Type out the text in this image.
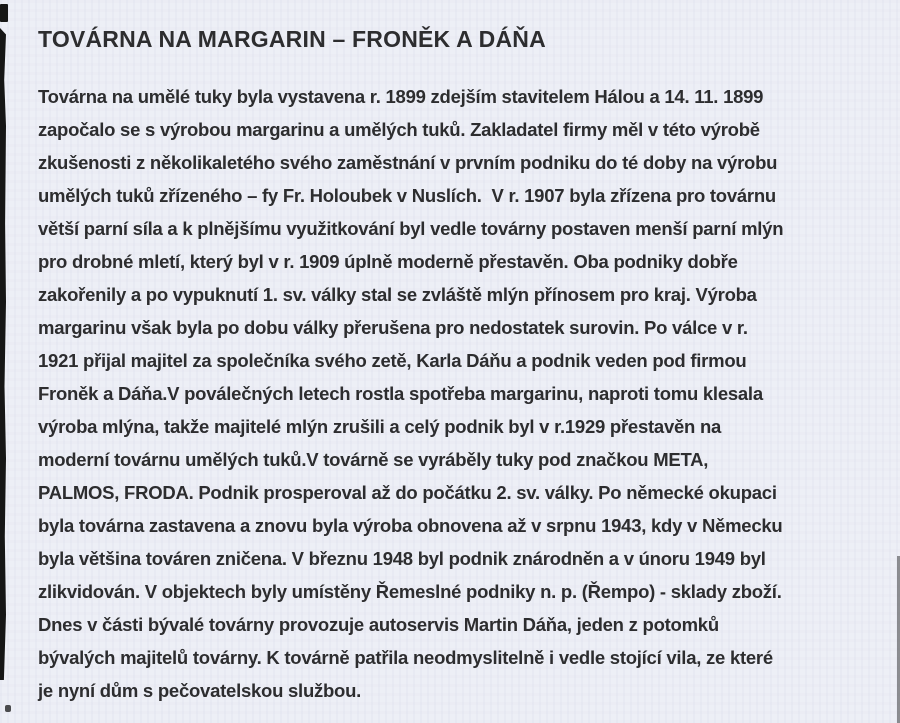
TOVÁRNA NA MARGARIN – FRONĚK A DÁŇA
Továrna na umělé tuky byla vystavena r. 1899 zdejším stavitelem Hálou a 14. 11. 1899
započalo se s výrobou margarinu a umělých tuků. Zakladatel firmy měl v této výrobě
zkušenosti z několikaletého svého zaměstnání v prvním podniku do té doby na výrobu
umělých tuků zřízeného – fy Fr. Holoubek v Nuslích.  V r. 1907 byla zřízena pro továrnu
větší parní síla a k plnějšímu využitkování byl vedle továrny postaven menší parní mlýn
pro drobné mletí, který byl v r. 1909 úplně moderně přestavěn. Oba podniky dobře
zakořenily a po vypuknutí 1. sv. války stal se zvláště mlýn přínosem pro kraj. Výroba
margarinu však byla po dobu války přerušena pro nedostatek surovin. Po válce v r.
1921 přijal majitel za společníka svého zetě, Karla Dáňu a podnik veden pod firmou
Froněk a Dáňa.V poválečných letech rostla spotřeba margarinu, naproti tomu klesala
výroba mlýna, takže majitelé mlýn zrušili a celý podnik byl v r.1929 přestavěn na
moderní továrnu umělých tuků.V továrně se vyráběly tuky pod značkou META,
PALMOS, FRODA. Podnik prosperoval až do počátku 2. sv. války. Po německé okupaci
byla továrna zastavena a znovu byla výroba obnovena až v srpnu 1943, kdy v Německu
byla většina továren zničena. V březnu 1948 byl podnik znárodněn a v únoru 1949 byl
zlikvidován. V objektech byly umístěny Řemeslné podniky n. p. (Řempo) - sklady zboží.
Dnes v části bývalé továrny provozuje autoservis Martin Dáňa, jeden z potomků
bývalých majitelů továrny. K továrně patřila neodmyslitelně i vedle stojící vila, ze které
je nyní dům s pečovatelskou službou.
